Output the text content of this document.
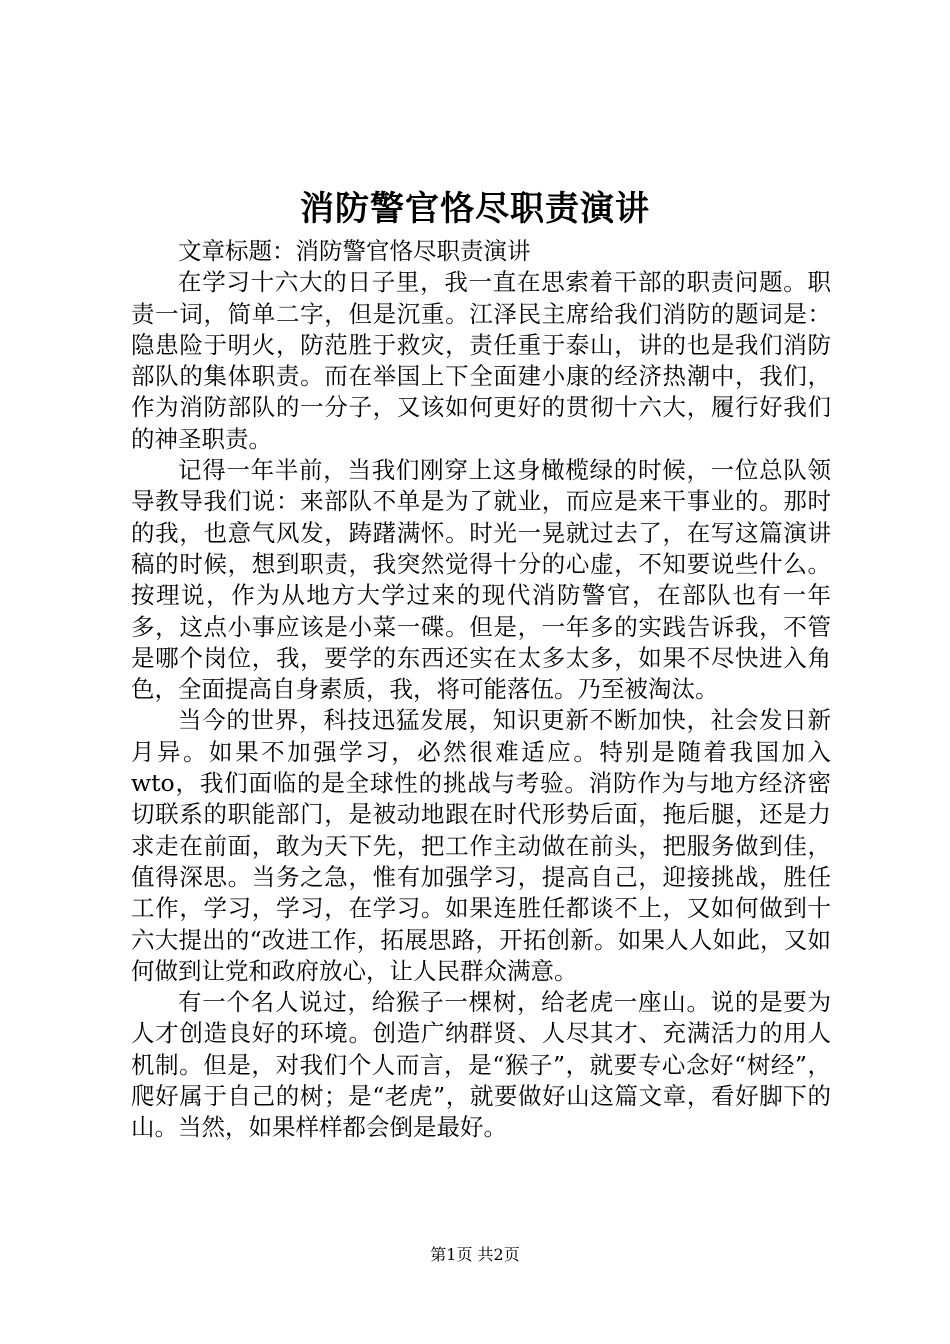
消防警官恪尽职责演讲

文章标题：消防警官恪尽职责演讲

在学习十六大的日子里，我一直在思索着干部的职责问题。职责一词，简单二字，但是沉重。江泽民主席给我们消防的题词是：隐患险于明火，防范胜于救灾，责任重于泰山，讲的也是我们消防部队的集体职责。而在举国上下全面建小康的经济热潮中，我们，作为消防部队的一分子，又该如何更好的贯彻十六大，履行好我们的神圣职责。

记得一年半前，当我们刚穿上这身橄榄绿的时候，一位总队领导教导我们说：来部队不单是为了就业，而应是来干事业的。那时的我，也意气风发，踌躇满怀。时光一晃就过去了，在写这篇演讲稿的时候，想到职责，我突然觉得十分的心虚，不知要说些什么。按理说，作为从地方大学过来的现代消防警官，在部队也有一年多，这点小事应该是小菜一碟。但是，一年多的实践告诉我，不管是哪个岗位，我，要学的东西还实在太多太多，如果不尽快进入角色，全面提高自身素质，我，将可能落伍。乃至被淘汰。

当今的世界，科技迅猛发展，知识更新不断加快，社会发日新月异。如果不加强学习，必然很难适应。特别是随着我国加入wto，我们面临的是全球性的挑战与考验。消防作为与地方经济密切联系的职能部门，是被动地跟在时代形势后面，拖后腿，还是力求走在前面，敢为天下先，把工作主动做在前头，把服务做到佳，值得深思。当务之急，惟有加强学习，提高自己，迎接挑战，胜任工作，学习，学习，在学习。如果连胜任都谈不上，又如何做到十六大提出的“改进工作，拓展思路，开拓创新。如果人人如此，又如何做到让党和政府放心，让人民群众满意。

有一个名人说过，给猴子一棵树，给老虎一座山。说的是要为人才创造良好的环境。创造广纳群贤、人尽其才、充满活力的用人机制。但是，对我们个人而言，是“猴子”，就要专心念好“树经”，爬好属于自己的树；是“老虎”，就要做好山这篇文章，看好脚下的山。当然，如果样样都会倒是最好。

第1页 共2页
